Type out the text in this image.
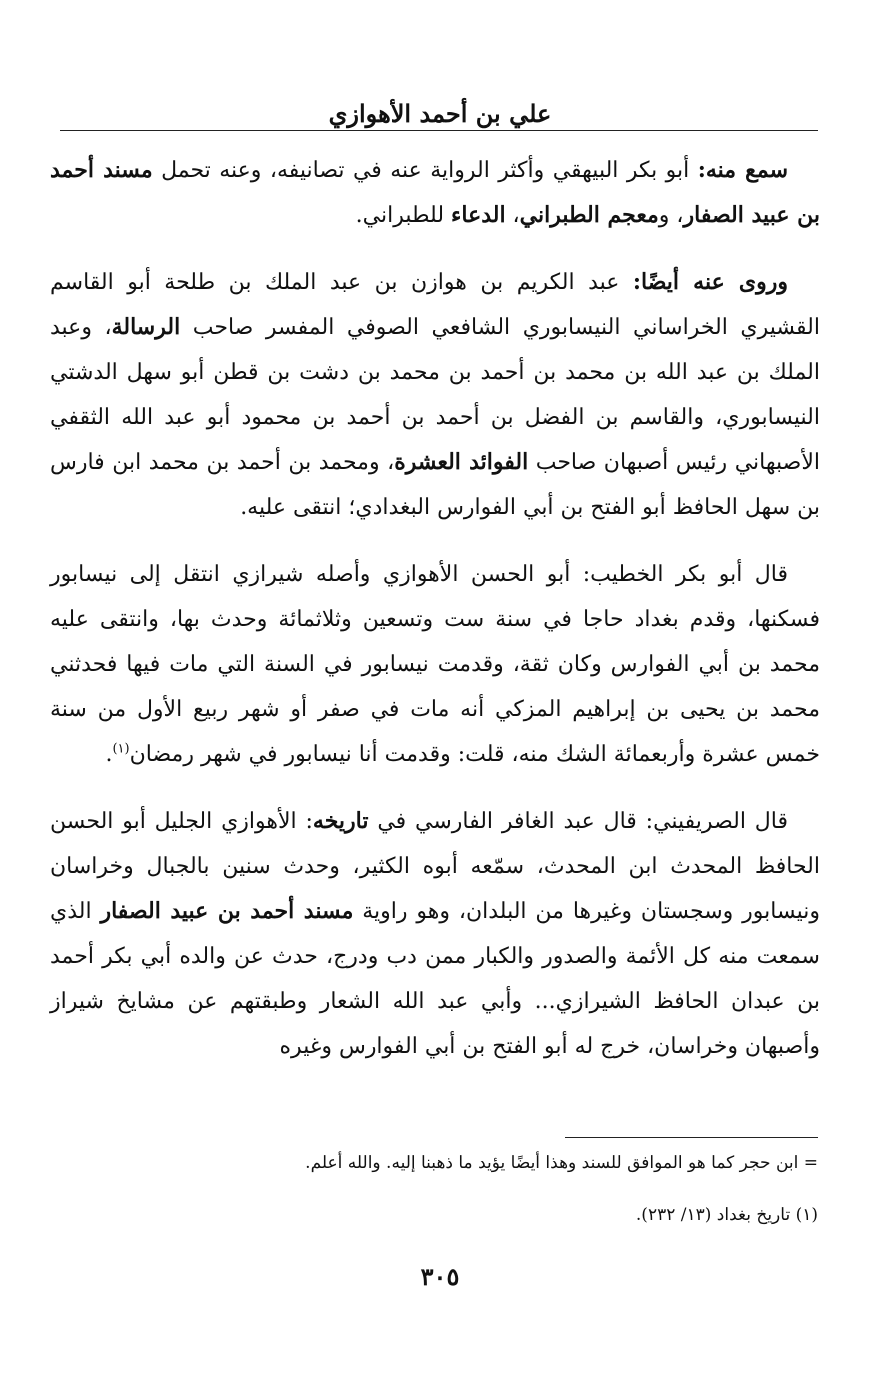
علي بن أحمد الأهوازي

سمع منه: أبو بكر البيهقي وأكثر الرواية عنه في تصانيفه، وعنه تحمل مسند أحمد بن عبيد الصفار، ومعجم الطبراني، الدعاء للطبراني.

وروى عنه أيضًا: عبد الكريم بن هوازن بن عبد الملك بن طلحة أبو القاسم القشيري الخراساني النيسابوري الشافعي الصوفي المفسر صاحب الرسالة، وعبد الملك بن عبد الله بن محمد بن أحمد بن محمد بن دشت بن قطن أبو سهل الدشتي النيسابوري، والقاسم بن الفضل بن أحمد بن أحمد بن محمود أبو عبد الله الثقفي الأصبهاني رئيس أصبهان صاحب الفوائد العشرة، ومحمد بن أحمد بن محمد ابن فارس بن سهل الحافظ أبو الفتح بن أبي الفوارس البغدادي؛ انتقى عليه.

قال أبو بكر الخطيب: أبو الحسن الأهوازي وأصله شيرازي انتقل إلى نيسابور فسكنها، وقدم بغداد حاجا في سنة ست وتسعين وثلاثمائة وحدث بها، وانتقى عليه محمد بن أبي الفوارس وكان ثقة، وقدمت نيسابور في السنة التي مات فيها فحدثني محمد بن يحيى بن إبراهيم المزكي أنه مات في صفر أو شهر ربيع الأول من سنة خمس عشرة وأربعمائة الشك منه، قلت: وقدمت أنا نيسابور في شهر رمضان$^{(١)}$.

قال الصريفيني: قال عبد الغافر الفارسي في تاريخه: الأهوازي الجليل أبو الحسن الحافظ المحدث ابن المحدث، سمّعه أبوه الكثير، وحدث سنين بالجبال وخراسان ونيسابور وسجستان وغيرها من البلدان، وهو راوية مسند أحمد بن عبيد الصفار الذي سمعت منه كل الأئمة والصدور والكبار ممن دب ودرج، حدث عن والده أبي بكر أحمد بن عبدان الحافظ الشيرازي... وأبي عبد الله الشعار وطبقتهم عن مشايخ شيراز وأصبهان وخراسان، خرج له أبو الفتح بن أبي الفوارس وغيره

= ابن حجر كما هو الموافق للسند وهذا أيضًا يؤيد ما ذهبنا إليه. والله أعلم.
(١) تاريخ بغداد (١٣/ ٢٣٢).
٣٠٥
